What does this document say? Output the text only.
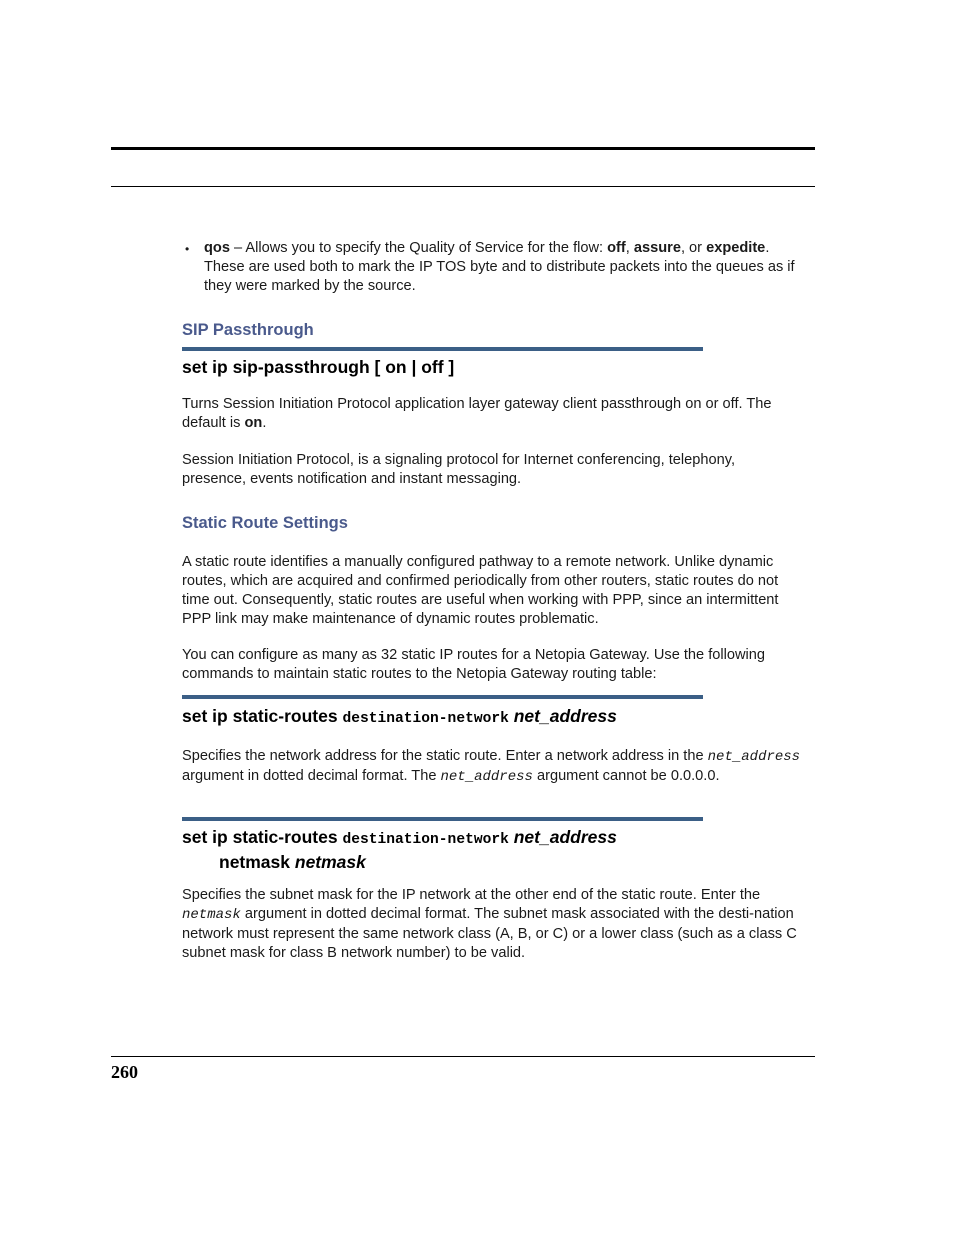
• qos – Allows you to specify the Quality of Service for the flow: off, assure, or expedite. These are used both to mark the IP TOS byte and to distribute packets into the queues as if they were marked by the source.
SIP Passthrough
set ip sip-passthrough [ on | off ]
Turns Session Initiation Protocol application layer gateway client passthrough on or off. The default is on.
Session Initiation Protocol, is a signaling protocol for Internet conferencing, telephony, presence, events notification and instant messaging.
Static Route Settings
A static route identifies a manually configured pathway to a remote network. Unlike dynamic routes, which are acquired and confirmed periodically from other routers, static routes do not time out. Consequently, static routes are useful when working with PPP, since an intermittent PPP link may make maintenance of dynamic routes problematic.
You can configure as many as 32 static IP routes for a Netopia Gateway. Use the following commands to maintain static routes to the Netopia Gateway routing table:
set ip static-routes destination-network net_address
Specifies the network address for the static route. Enter a network address in the net_address argument in dotted decimal format. The net_address argument cannot be 0.0.0.0.
set ip static-routes destination-network net_address
netmask netmask
Specifies the subnet mask for the IP network at the other end of the static route. Enter the netmask argument in dotted decimal format. The subnet mask associated with the desti-nation network must represent the same network class (A, B, or C) or a lower class (such as a class C subnet mask for class B network number) to be valid.
260
